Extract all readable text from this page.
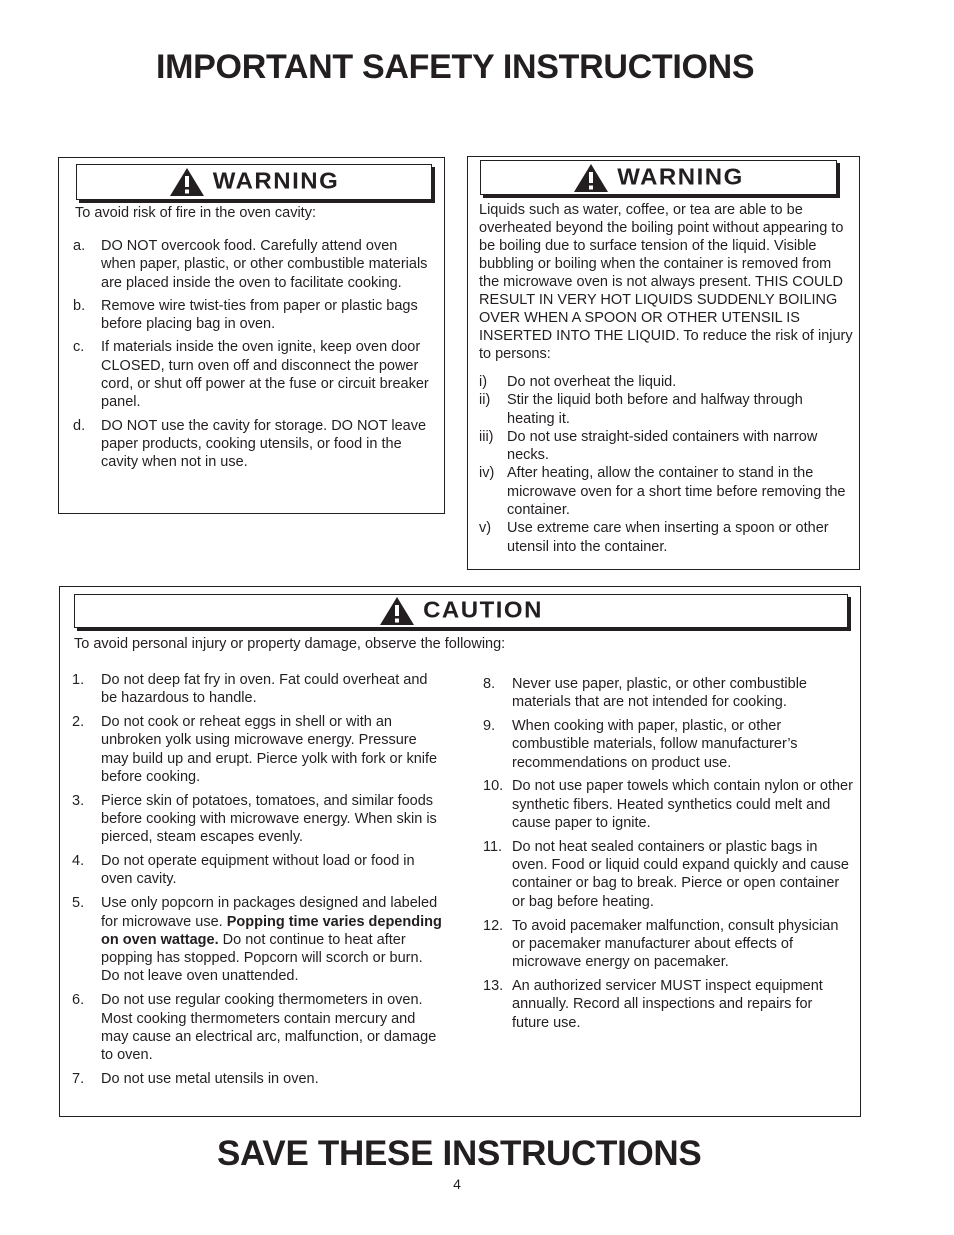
IMPORTANT SAFETY INSTRUCTIONS
WARNING

To avoid risk of fire in the oven cavity:

a.	DO NOT overcook food. Carefully attend oven when paper, plastic, or other combustible materials are placed inside the oven to facilitate cooking.
b.	Remove wire twist-ties from paper or plastic bags before placing bag in oven.
c.	If materials inside the oven ignite, keep oven door CLOSED, turn oven off and disconnect the power cord, or shut off power at the fuse or circuit breaker panel.
d.	DO NOT use the cavity for storage. DO NOT leave paper products, cooking utensils, or food in the cavity when not in use.
WARNING

Liquids such as water, coffee, or tea are able to be overheated beyond the boiling point without appearing to be boiling due to surface tension of the liquid. Visible bubbling or boiling when the container is removed from the microwave oven is not always present. THIS COULD RESULT IN VERY HOT LIQUIDS SUDDENLY BOILING OVER WHEN A SPOON OR OTHER UTENSIL IS INSERTED INTO THE LIQUID. To reduce the risk of injury to persons:

i)	Do not overheat the liquid.
ii)	Stir the liquid both before and halfway through heating it.
iii) Do not use straight-sided containers with narrow necks.
iv) After heating, allow the container to stand in the microwave oven for a short time before removing the container.
v)	Use extreme care when inserting a spoon or other utensil into the container.
CAUTION

To avoid personal injury or property damage, observe the following:

1.	Do not deep fat fry in oven. Fat could overheat and be hazardous to handle.
2.	Do not cook or reheat eggs in shell or with an unbroken yolk using microwave energy. Pressure may build up and erupt. Pierce yolk with fork or knife before cooking.
3.	Pierce skin of potatoes, tomatoes, and similar foods before cooking with microwave energy. When skin is pierced, steam escapes evenly.
4.	Do not operate equipment without load or food in oven cavity.
5.	Use only popcorn in packages designed and labeled for microwave use. Popping time varies depending on oven wattage. Do not continue to heat after popping has stopped. Popcorn will scorch or burn. Do not leave oven unattended.
6.	Do not use regular cooking thermometers in oven. Most cooking thermometers contain mercury and may cause an electrical arc, malfunction, or damage to oven.
7.	Do not use metal utensils in oven.
8.	Never use paper, plastic, or other combustible materials that are not intended for cooking.
9.	When cooking with paper, plastic, or other combustible materials, follow manufacturer’s recommendations on product use.
10. Do not use paper towels which contain nylon or other synthetic fibers. Heated synthetics could melt and cause paper to ignite.
11. Do not heat sealed containers or plastic bags in oven. Food or liquid could expand quickly and cause container or bag to break. Pierce or open container or bag before heating.
12. To avoid pacemaker malfunction, consult physician or pacemaker manufacturer about effects of microwave energy on pacemaker.
13. An authorized servicer MUST inspect equipment annually. Record all inspections and repairs for future use.
SAVE THESE INSTRUCTIONS
4
